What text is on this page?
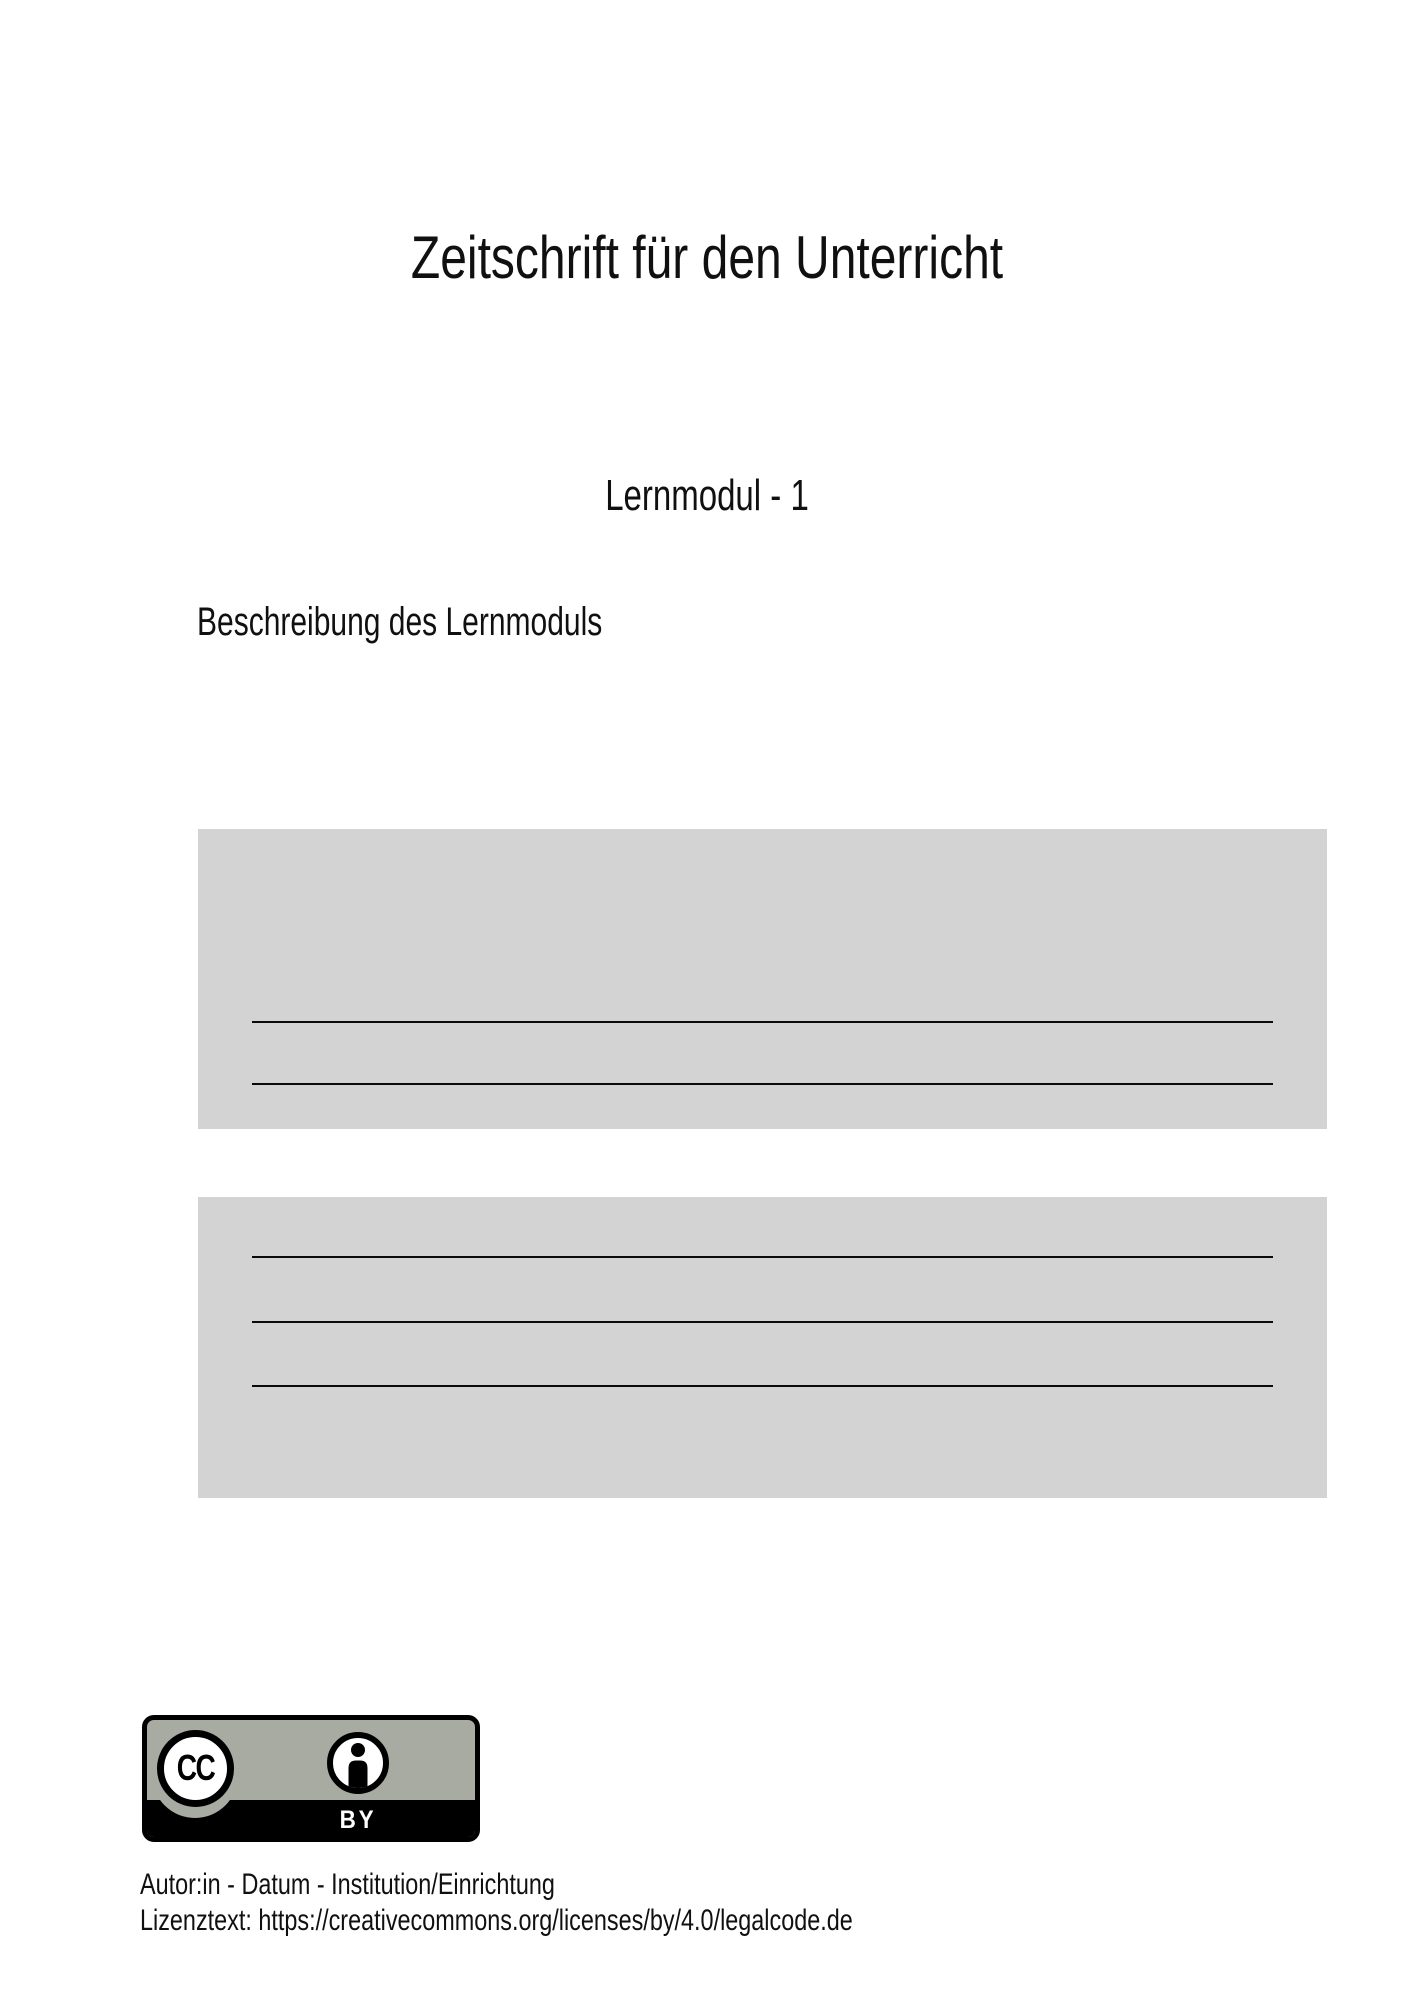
Zeitschrift für den Unterricht
Lernmodul - 1
Beschreibung des Lernmoduls
CC
BY
Autor:in - Datum - Institution/Einrichtung
Lizenztext: https://creativecommons.org/licenses/by/4.0/legalcode.de
